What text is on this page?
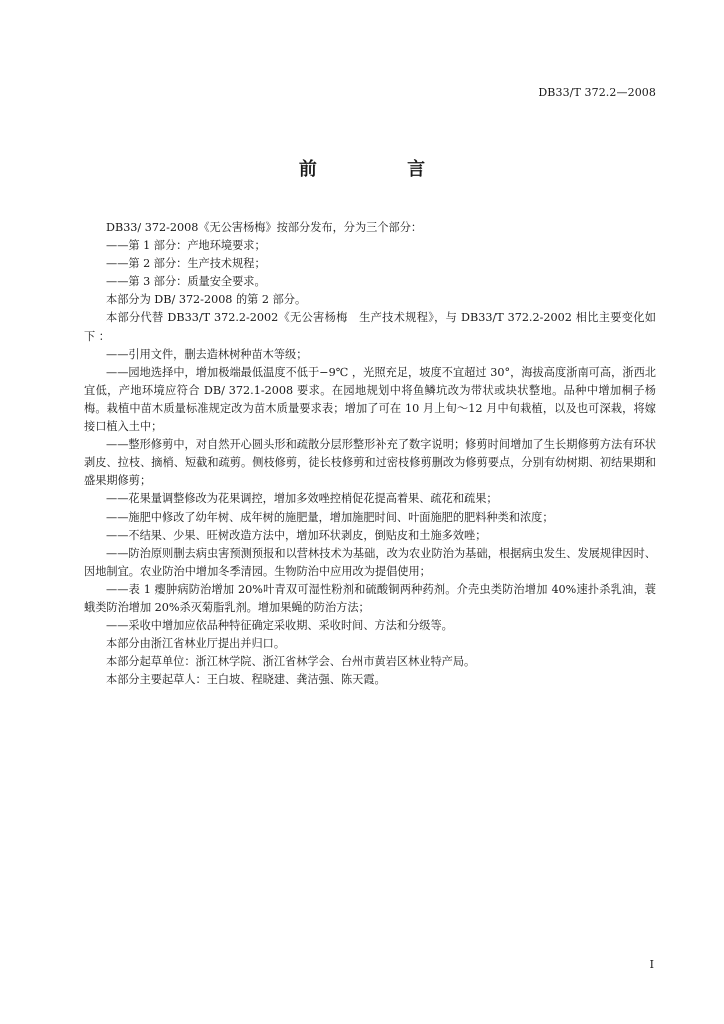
DB33/T 372.2—2008
前 言

DB33/ 372-2008《无公害杨梅》按部分发布，分为三个部分：

——第 1 部分：产地环境要求；

——第 2 部分：生产技术规程；

——第 3 部分：质量安全要求。

本部分为 DB/ 372-2008 的第 2 部分。

本部分代替 DB33/T 372.2-2002《无公害杨梅　生产技术规程》，与 DB33/T 372.2-2002 相比主要变化如下 ：

——引用文件，删去造林树种苗木等级；

——园地选择中，增加极端最低温度不低于−9℃ ，光照充足，坡度不宜超过 30°，海拔高度浙南可高，浙西北宜低，产地环境应符合 DB/ 372.1-2008 要求。在园地规划中将鱼鳞坑改为带状或块状整地。品种中增加桐子杨梅。栽植中苗木质量标准规定改为苗木质量要求表；增加了可在 10 月上旬～12 月中旬栽植，以及也可深栽，将嫁接口植入土中；

——整形修剪中，对自然开心圆头形和疏散分层形整形补充了数字说明；修剪时间增加了生长期修剪方法有环状剥皮、拉枝、摘梢、短截和疏剪。侧枝修剪，徒长枝修剪和过密枝修剪删改为修剪要点，分别有幼树期、初结果期和盛果期修剪；

——花果量调整修改为花果调控，增加多效唑控梢促花提高着果、疏花和疏果；

——施肥中修改了幼年树、成年树的施肥量，增加施肥时间、叶面施肥的肥料种类和浓度；

——不结果、少果、旺树改造方法中，增加环状剥皮，倒贴皮和土施多效唑；

——防治原则删去病虫害预测预报和以营林技术为基础，改为农业防治为基础，根据病虫发生、发展规律因时、因地制宜。农业防治中增加冬季清园。生物防治中应用改为提倡使用；

——表 1 瘿肿病防治增加 20%叶青双可湿性粉剂和硫酸铜两种药剂。介壳虫类防治增加 40%速扑杀乳油，蓑蛾类防治增加 20%杀灭菊脂乳剂。增加果蝇的防治方法；

——采收中增加应依品种特征确定采收期、采收时间、方法和分级等。

本部分由浙江省林业厅提出并归口。

本部分起草单位：浙江林学院、浙江省林学会、台州市黄岩区林业特产局。

本部分主要起草人：王白坡、程晓建、龚洁强、陈天霞。

I
